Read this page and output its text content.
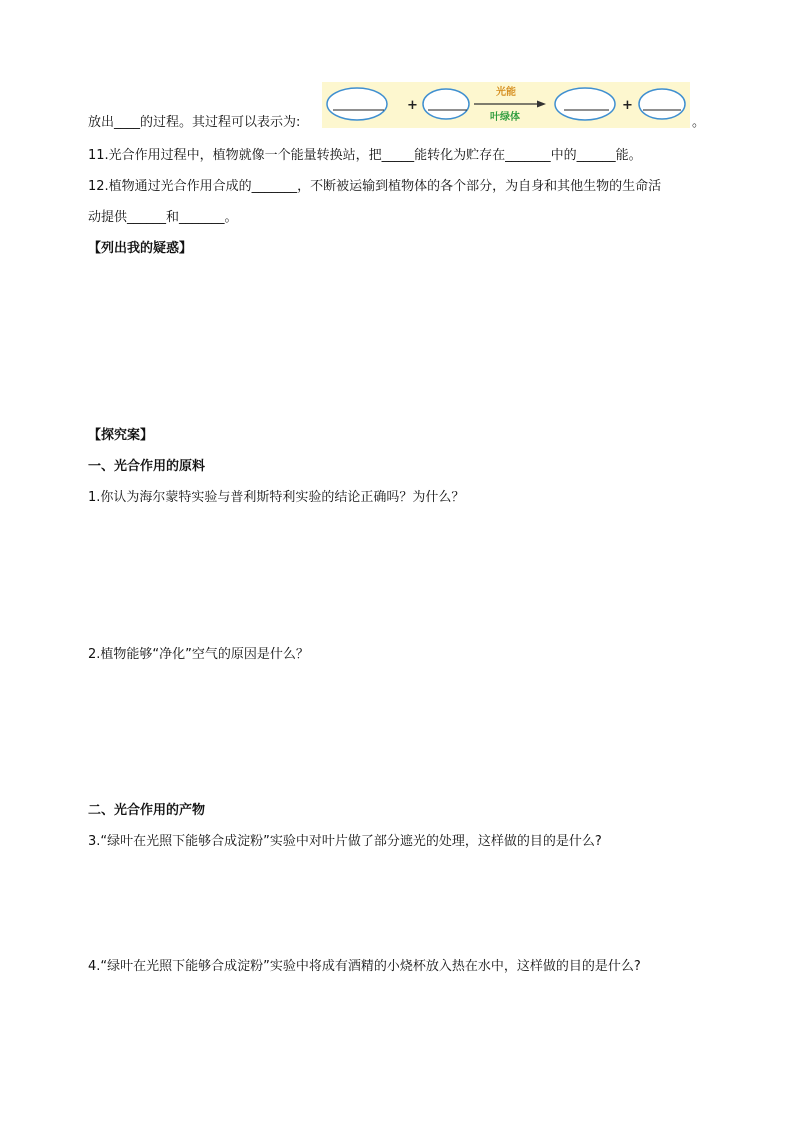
放出____的过程。其过程可以表示为:
+
光能
叶绿体
+
。
11.光合作用过程中，植物就像一个能量转换站，把_____能转化为贮存在_______中的______能。
12.植物通过光合作用合成的_______，不断被运输到植物体的各个部分，为自身和其他生物的生命活
动提供______和_______。
【列出我的疑惑】
【探究案】
一、光合作用的原料
1.你认为海尔蒙特实验与普利斯特利实验的结论正确吗？为什么？
2.植物能够“净化”空气的原因是什么？
二、光合作用的产物
3.“绿叶在光照下能够合成淀粉”实验中对叶片做了部分遮光的处理，这样做的目的是什么?
4.“绿叶在光照下能够合成淀粉”实验中将成有酒精的小烧杯放入热在水中，这样做的目的是什么?
